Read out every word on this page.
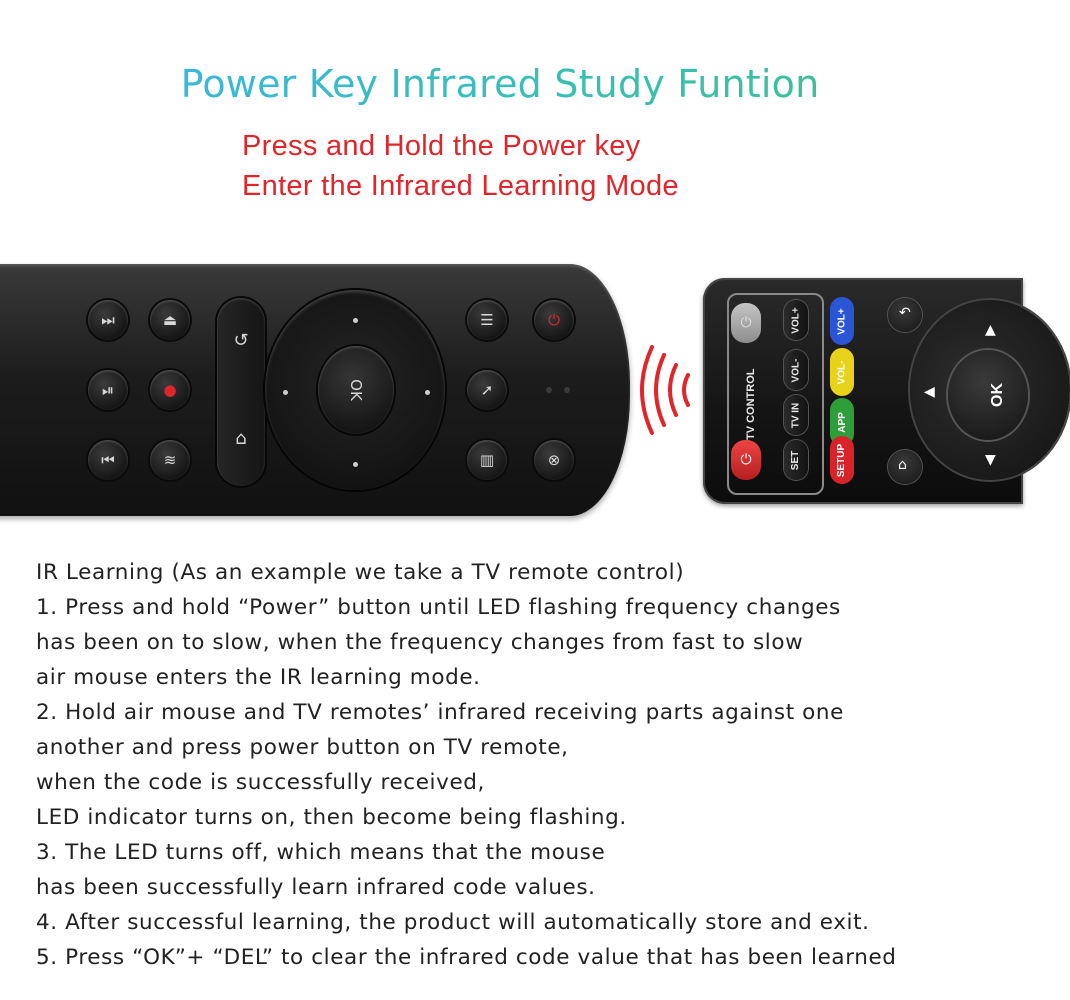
Power Key Infrared Study Funtion
Press and Hold the Power key
Enter the Infrared Learning Mode
⏭
⏯
⏮
⏏
●
≋
↺
⌂
OK
☰
➚
▥
⏻
⊗
TV CONTROL
⏻
⏻
VOL+
VOL-
TV IN
SET
VOL+
VOL-
APP
SETUP
↶
⌂
◀
▲
▼
OK
IR Learning (As an example we take a TV remote control)
1. Press and hold “Power” button until LED flashing frequency changes
has been on to slow, when the frequency changes from fast to slow
air mouse enters the IR learning mode.
2. Hold air mouse and TV remotes’ infrared receiving parts against one
another and press power button on TV remote,
when the code is successfully received,
LED indicator turns on, then become being flashing.
3. The LED turns off, which means that the mouse
has been successfully learn infrared code values.
4. After successful learning, the product will automatically store and exit.
5. Press “OK”+ “DEL” to clear the infrared code value that has been learned
